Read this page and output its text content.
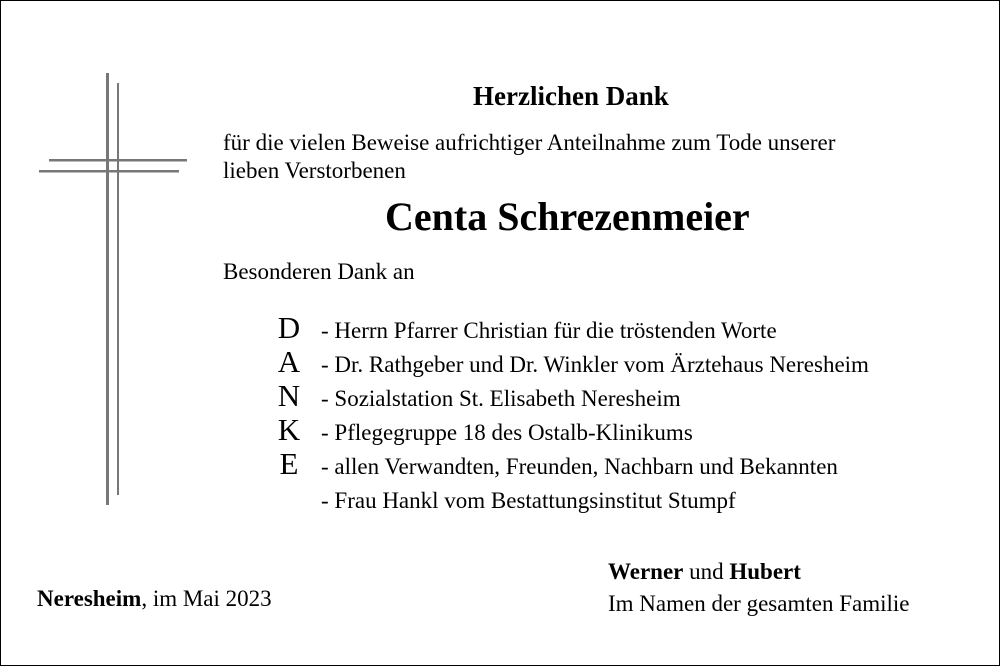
Herzlichen Dank
für die vielen Beweise aufrichtiger Anteilnahme zum Tode unserer
lieben Verstorbenen
Centa Schrezenmeier
Besonderen Dank an
D
A
N
K
E
- Herrn Pfarrer Christian für die tröstenden Worte
- Dr. Rathgeber und Dr. Winkler vom Ärztehaus Neresheim
- Sozialstation St. Elisabeth Neresheim
- Pflegegruppe 18 des Ostalb-Klinikums
- allen Verwandten, Freunden, Nachbarn und Bekannten
- Frau Hankl vom Bestattungsinstitut Stumpf
Neresheim, im Mai 2023
Werner und Hubert
Im Namen der gesamten Familie
